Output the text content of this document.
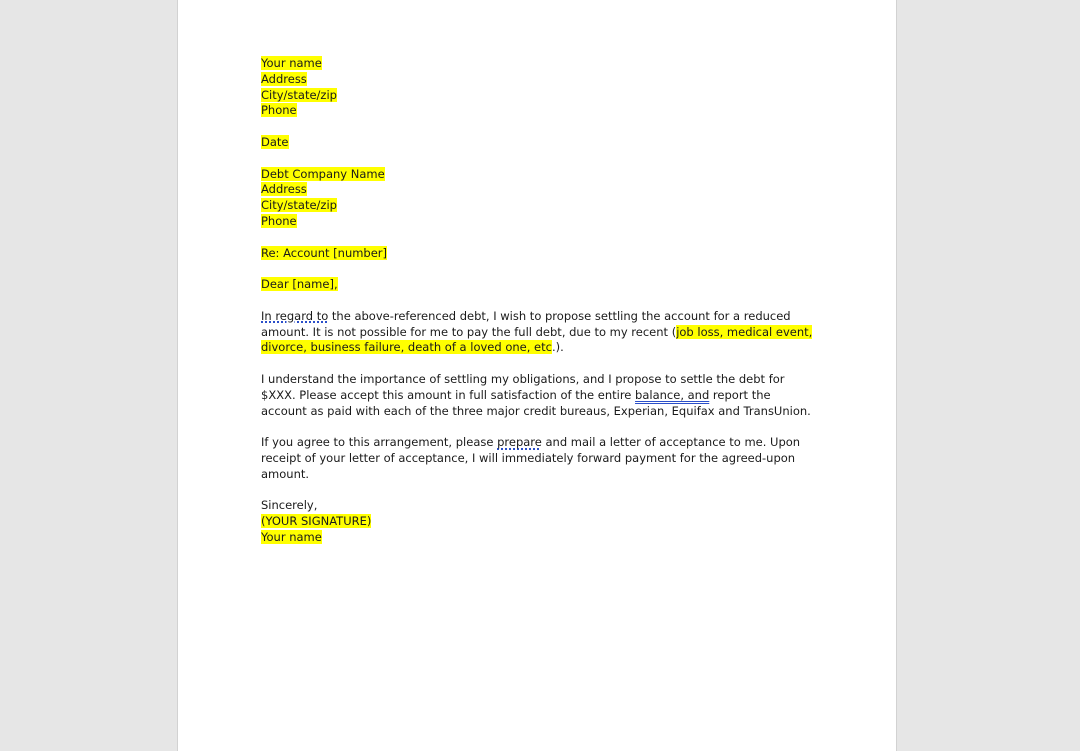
Your name
Address
City/state/zip
Phone
Date
Debt Company Name
Address
City/state/zip
Phone
Re: Account [number]
Dear [name],
In regard to the above-referenced debt, I wish to propose settling the account for a reduced amount. It is not possible for me to pay the full debt, due to my recent (job loss, medical event, divorce, business failure, death of a loved one, etc.).
I understand the importance of settling my obligations, and I propose to settle the debt for $XXX. Please accept this amount in full satisfaction of the entire balance, and report the account as paid with each of the three major credit bureaus, Experian, Equifax and TransUnion.
If you agree to this arrangement, please prepare and mail a letter of acceptance to me. Upon receipt of your letter of acceptance, I will immediately forward payment for the agreed-upon amount.
Sincerely,
(YOUR SIGNATURE)
Your name
